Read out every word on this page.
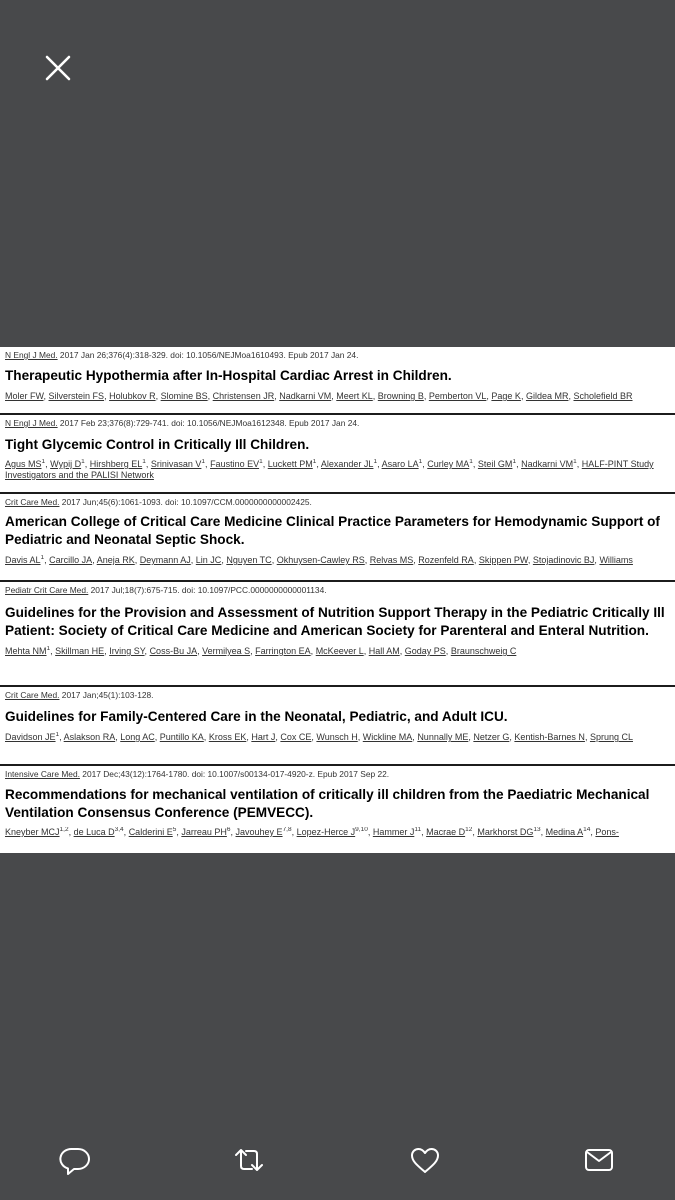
N Engl J Med. 2017 Jan 26;376(4):318-329. doi: 10.1056/NEJMoa1610493. Epub 2017 Jan 24.
Therapeutic Hypothermia after In-Hospital Cardiac Arrest in Children.
Moler FW, Silverstein FS, Holubkov R, Slomine BS, Christensen JR, Nadkarni VM, Meert KL, Browning B, Pemberton VL, Page K, Gildea MR, Scholefield BR
N Engl J Med. 2017 Feb 23;376(8):729-741. doi: 10.1056/NEJMoa1612348. Epub 2017 Jan 24.
Tight Glycemic Control in Critically Ill Children.
Agus $MS^1$, Wypij $D^1$, Hirshberg $EL^1$, Srinivasan $V^1$, Faustino $EV^1$, Luckett $PM^1$, Alexander $JL^1$, Asaro $LA^1$, Curley $MA^1$, Steil $GM^1$, Nadkarni $VM^1$, HALF-PINT Study Investigators and the PALISI Network
Crit Care Med. 2017 Jun;45(6):1061-1093. doi: 10.1097/CCM.0000000000002425.
American College of Critical Care Medicine Clinical Practice Parameters for Hemodynamic Support of Pediatric and Neonatal Septic Shock.
Davis $AL^1$, Carcillo JA, Aneja RK, Deymann AJ, Lin JC, Nguyen TC, Okhuysen-Cawley RS, Relvas MS, Rozenfeld RA, Skippen PW, Stojadinovic BJ, Williams
Pediatr Crit Care Med. 2017 Jul;18(7):675-715. doi: 10.1097/PCC.0000000000001134.
Guidelines for the Provision and Assessment of Nutrition Support Therapy in the Pediatric Critically Ill Patient: Society of Critical Care Medicine and American Society for Parenteral and Enteral Nutrition.
Mehta $NM^1$, Skillman HE, Irving SY, Coss-Bu JA, Vermilyea S, Farrington EA, McKeever L, Hall AM, Goday PS, Braunschweig C
Crit Care Med. 2017 Jan;45(1):103-128.
Guidelines for Family-Centered Care in the Neonatal, Pediatric, and Adult ICU.
Davidson $JE^1$, Aslakson RA, Long AC, Puntillo KA, Kross EK, Hart J, Cox CE, Wunsch H, Wickline MA, Nunnally ME, Netzer G, Kentish-Barnes N, Sprung CL
Intensive Care Med. 2017 Dec;43(12):1764-1780. doi: 10.1007/s00134-017-4920-z. Epub 2017 Sep 22.
Recommendations for mechanical ventilation of critically ill children from the Paediatric Mechanical Ventilation Consensus Conference (PEMVECC).
Kneyber MCJ$^{1,2}$, de Luca D$^{3,4}$, Calderini $E^5$, Jarreau $PH^6$, Javouhey E$^{7,8}$, Lopez-Herce J$^{9,10}$, Hammer $J^{11}$, Macrae $D^{12}$, Markhorst DG$^{13}$, Medina $A^{14}$, Pons-
